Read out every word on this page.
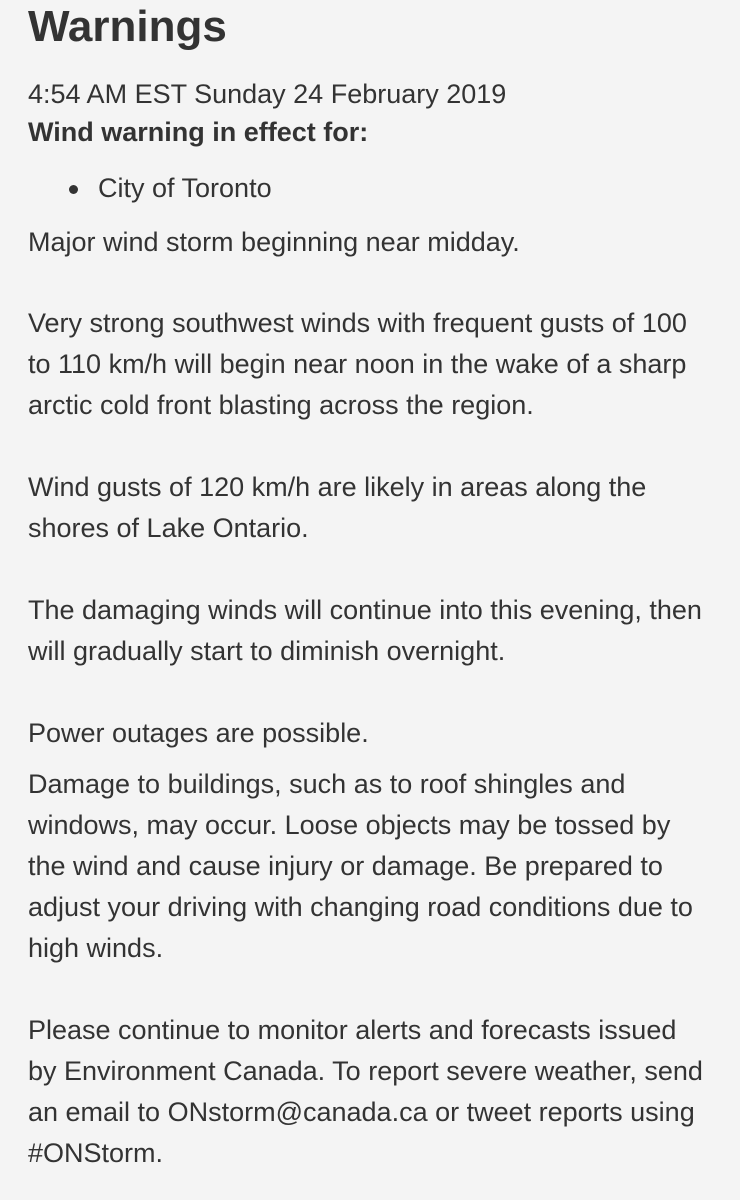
Warnings
4:54 AM EST Sunday 24 February 2019
Wind warning in effect for:
City of Toronto

Major wind storm beginning near midday.

Very strong southwest winds with frequent gusts of 100 to 110 km/h will begin near noon in the wake of a sharp arctic cold front blasting across the region.

Wind gusts of 120 km/h are likely in areas along the shores of Lake Ontario.

The damaging winds will continue into this evening, then will gradually start to diminish overnight.

Power outages are possible.

Damage to buildings, such as to roof shingles and windows, may occur. Loose objects may be tossed by the wind and cause injury or damage. Be prepared to adjust your driving with changing road conditions due to high winds.

Please continue to monitor alerts and forecasts issued by Environment Canada. To report severe weather, send an email to ONstorm@canada.ca or tweet reports using #ONStorm.
